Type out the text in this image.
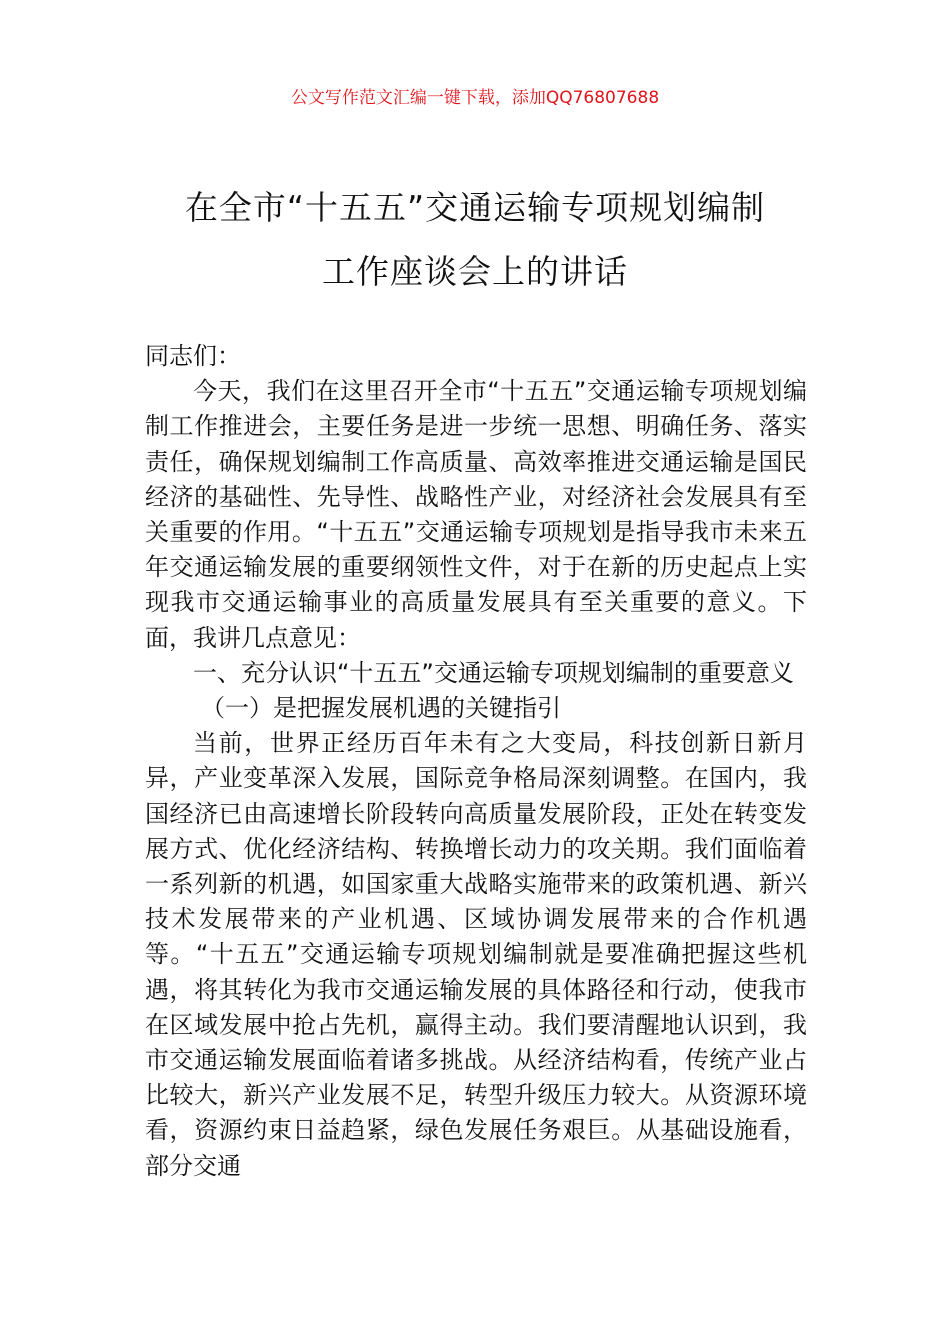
公文写作范文汇编一键下载，添加QQ76807688
在全市“十五五”交通运输专项规划编制
工作座谈会上的讲话

同志们：

今天，我们在这里召开全市“十五五”交通运输专项规划编制工作推进会，主要任务是进一步统一思想、明确任务、落实责任，确保规划编制工作高质量、高效率推进交通运输是国民经济的基础性、先导性、战略性产业，对经济社会发展具有至关重要的作用。“十五五”交通运输专项规划是指导我市未来五年交通运输发展的重要纲领性文件，对于在新的历史起点上实现我市交通运输事业的高质量发展具有至关重要的意义。下面，我讲几点意见：

一、充分认识“十五五”交通运输专项规划编制的重要意义

（一）是把握发展机遇的关键指引

当前，世界正经历百年未有之大变局，科技创新日新月异，产业变革深入发展，国际竞争格局深刻调整。在国内，我国经济已由高速增长阶段转向高质量发展阶段，正处在转变发展方式、优化经济结构、转换增长动力的攻关期。我们面临着一系列新的机遇，如国家重大战略实施带来的政策机遇、新兴技术发展带来的产业机遇、区域协调发展带来的合作机遇等。“十五五”交通运输专项规划编制就是要准确把握这些机遇，将其转化为我市交通运输发展的具体路径和行动，使我市在区域发展中抢占先机，赢得主动。我们要清醒地认识到，我市交通运输发展面临着诸多挑战。从经济结构看，传统产业占比较大，新兴产业发展不足，转型升级压力较大。从资源环境看，资源约束日益趋紧，绿色发展任务艰巨。从基础设施看，部分交通
